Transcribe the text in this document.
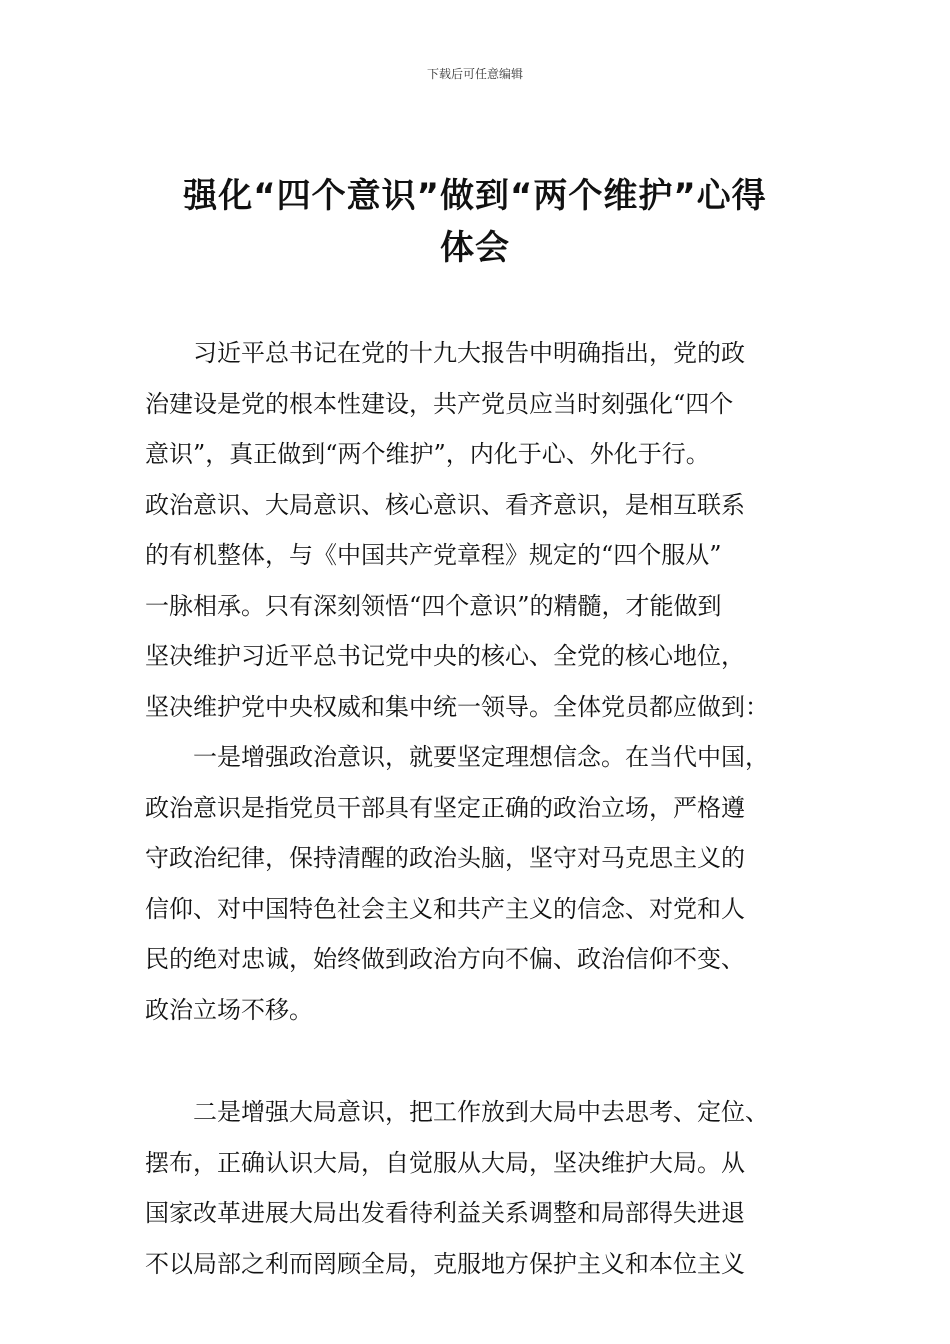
下载后可任意编辑
强化“四个意识”做到“两个维护”心得
体会
习近平总书记在党的十九大报告中明确指出，党的政
治建设是党的根本性建设，共产党员应当时刻强化“四个
意识”，真正做到“两个维护”，内化于心、外化于行。
政治意识、大局意识、核心意识、看齐意识，是相互联系
的有机整体，与《中国共产党章程》规定的“四个服从”
一脉相承。只有深刻领悟“四个意识”的精髓，才能做到
坚决维护习近平总书记党中央的核心、全党的核心地位，
坚决维护党中央权威和集中统一领导。全体党员都应做到：
一是增强政治意识，就要坚定理想信念。在当代中国，
政治意识是指党员干部具有坚定正确的政治立场，严格遵
守政治纪律，保持清醒的政治头脑，坚守对马克思主义的
信仰、对中国特色社会主义和共产主义的信念、对党和人
民的绝对忠诚，始终做到政治方向不偏、政治信仰不变、
政治立场不移。
二是增强大局意识，把工作放到大局中去思考、定位、
摆布，正确认识大局，自觉服从大局，坚决维护大局。从
国家改革进展大局出发看待利益关系调整和局部得失进退
不以局部之利而罔顾全局，克服地方保护主义和本位主义
